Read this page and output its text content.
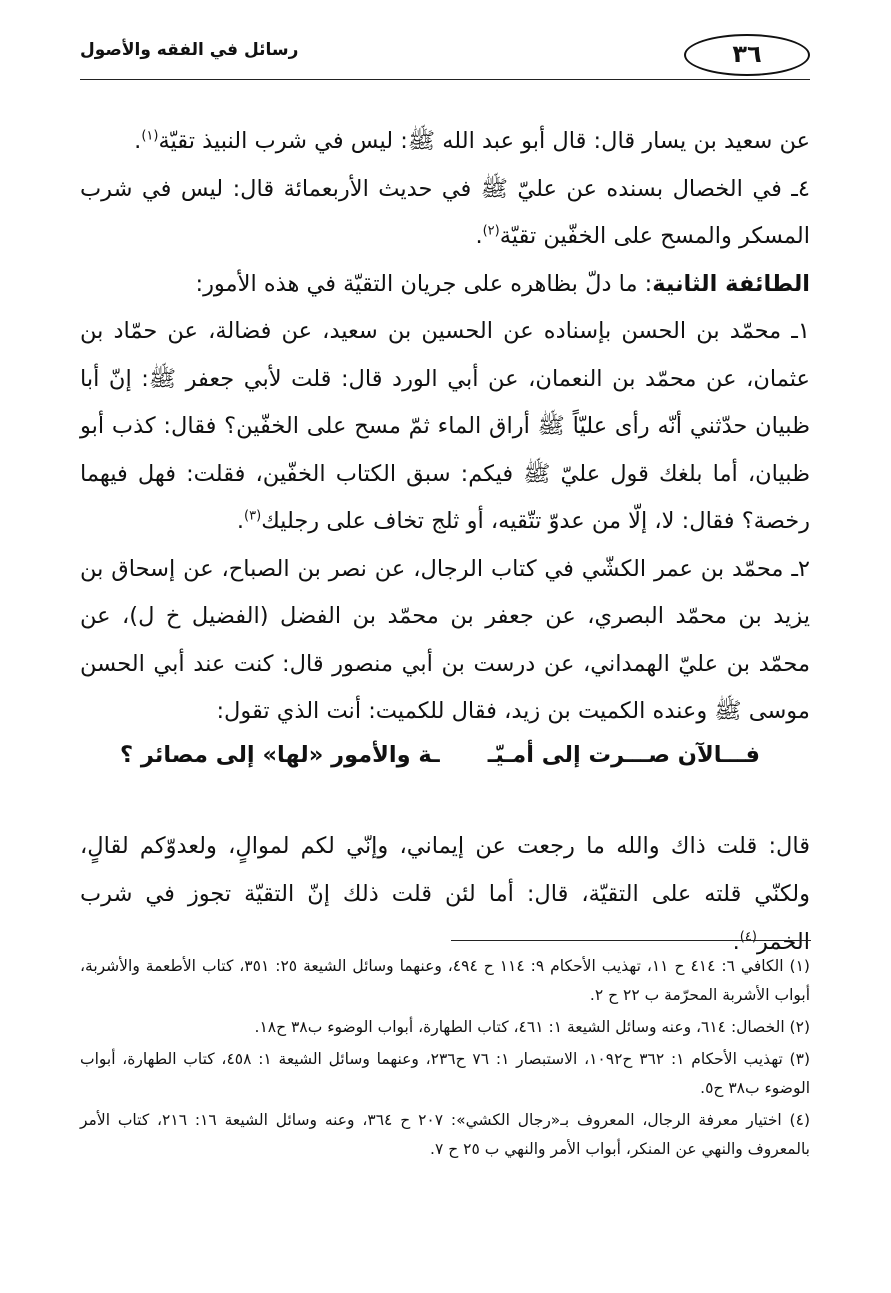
٣٦
رسائل في الفقه والأصول

عن سعيد بن يسار قال: قال أبو عبد الله ﷺ: ليس في شرب النبيذ تقيّة$^{(١)}$.

٤ـ في الخصال بسنده عن عليّ ﷺ في حديث الأربعمائة قال: ليس في شرب المسكر والمسح على الخفّين تقيّة$^{(٢)}$.

الطائفة الثانية: ما دلّ بظاهره على جريان التقيّة في هذه الأمور:

١ـ محمّد بن الحسن بإسناده عن الحسين بن سعيد، عن فضالة، عن حمّاد بن عثمان، عن محمّد بن النعمان، عن أبي الورد قال: قلت لأبي جعفر ﷺ: إنّ أبا ظبيان حدّثني أنّه رأى عليّاً ﷺ أراق الماء ثمّ مسح على الخفّين؟ فقال: كذب أبو ظبيان، أما بلغك قول عليّ ﷺ فيكم: سبق الكتاب الخفّين، فقلت: فهل فيهما رخصة؟ فقال: لا، إلّا من عدوّ تتّقيه، أو ثلج تخاف على رجليك$^{(٣)}$.

٢ـ محمّد بن عمر الكشّي في كتاب الرجال، عن نصر بن الصباح، عن إسحاق بن يزيد بن محمّد البصري، عن جعفر بن محمّد بن الفضل (الفضيل خ ل)، عن محمّد بن عليّ الهمداني، عن درست بن أبي منصور قال: كنت عند أبي الحسن موسى ﷺ وعنده الكميت بن زيد، فقال للكميت: أنت الذي تقول:

فـــالآن صـــرت إلى أمـيّـ
ـة والأمور «لها» إلى مصائر ؟

قال: قلت ذاك والله ما رجعت عن إيماني، وإنّي لكم لموالٍ، ولعدوّكم لقالٍ، ولكنّي قلته على التقيّة، قال: أما لئن قلت ذلك إنّ التقيّة تجوز في شرب الخمر$^{(٤)}$.

(١) الكافي ٦: ٤١٤ ح ١١، تهذيب الأحكام ٩: ١١٤ ح ٤٩٤، وعنهما وسائل الشيعة ٢٥: ٣٥١، كتاب الأطعمة والأشربة، أبواب الأشربة المحرّمة ب ٢٢ ح ٢.

(٢) الخصال: ٦١٤، وعنه وسائل الشيعة ١: ٤٦١، كتاب الطهارة، أبواب الوضوء ب٣٨ ح١٨.

(٣) تهذيب الأحكام ١: ٣٦٢ ح١٠٩٢، الاستبصار ١: ٧٦ ح٢٣٦، وعنهما وسائل الشيعة ١: ٤٥٨، كتاب الطهارة، أبواب الوضوء ب٣٨ ح٥.

(٤) اختيار معرفة الرجال، المعروف بـ«رجال الكشي»: ٢٠٧ ح ٣٦٤، وعنه وسائل الشيعة ١٦: ٢١٦، كتاب الأمر بالمعروف والنهي عن المنكر، أبواب الأمر والنهي ب ٢٥ ح ٧.
